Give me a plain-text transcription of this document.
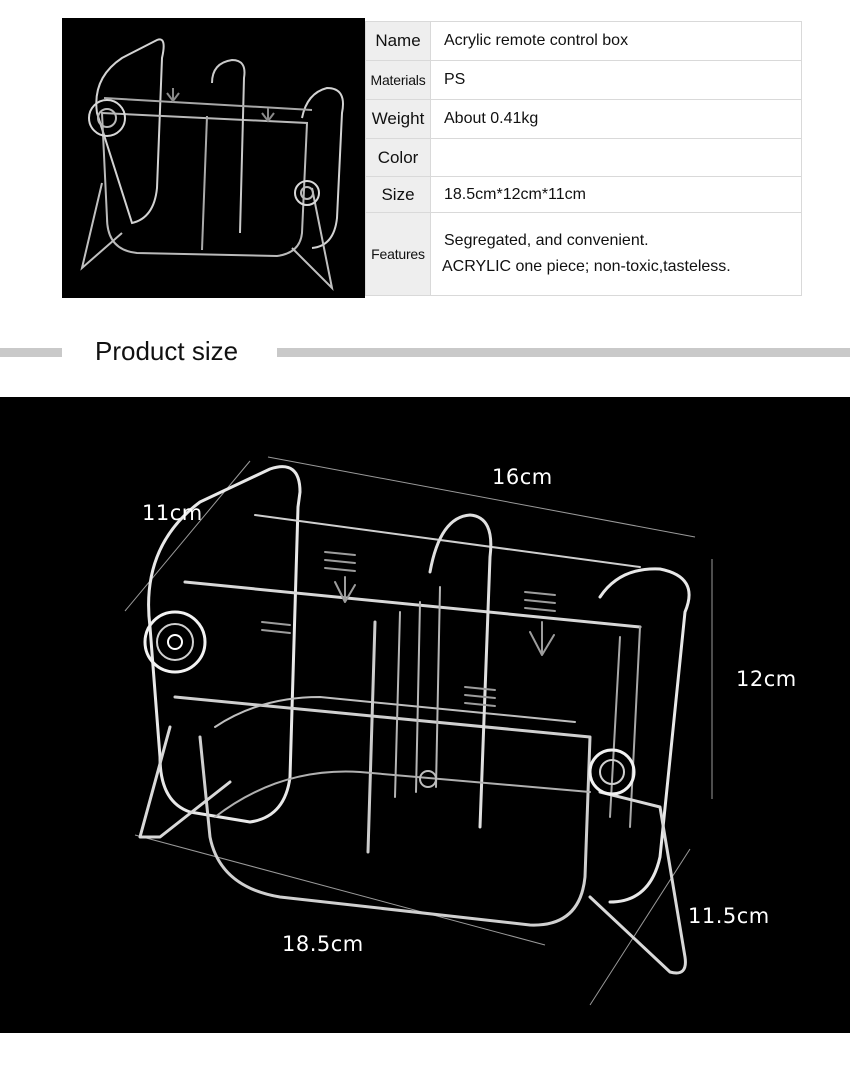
Name	Acrylic remote control box
Materials	PS
Weight	About 0.41kg
Color	
Size	18.5cm*12cm*11cm
Features	Segregated, and convenient.
ACRYLIC one piece; non-toxic,tasteless.
Product size
16cm
11cm
12cm
11.5cm
18.5cm
